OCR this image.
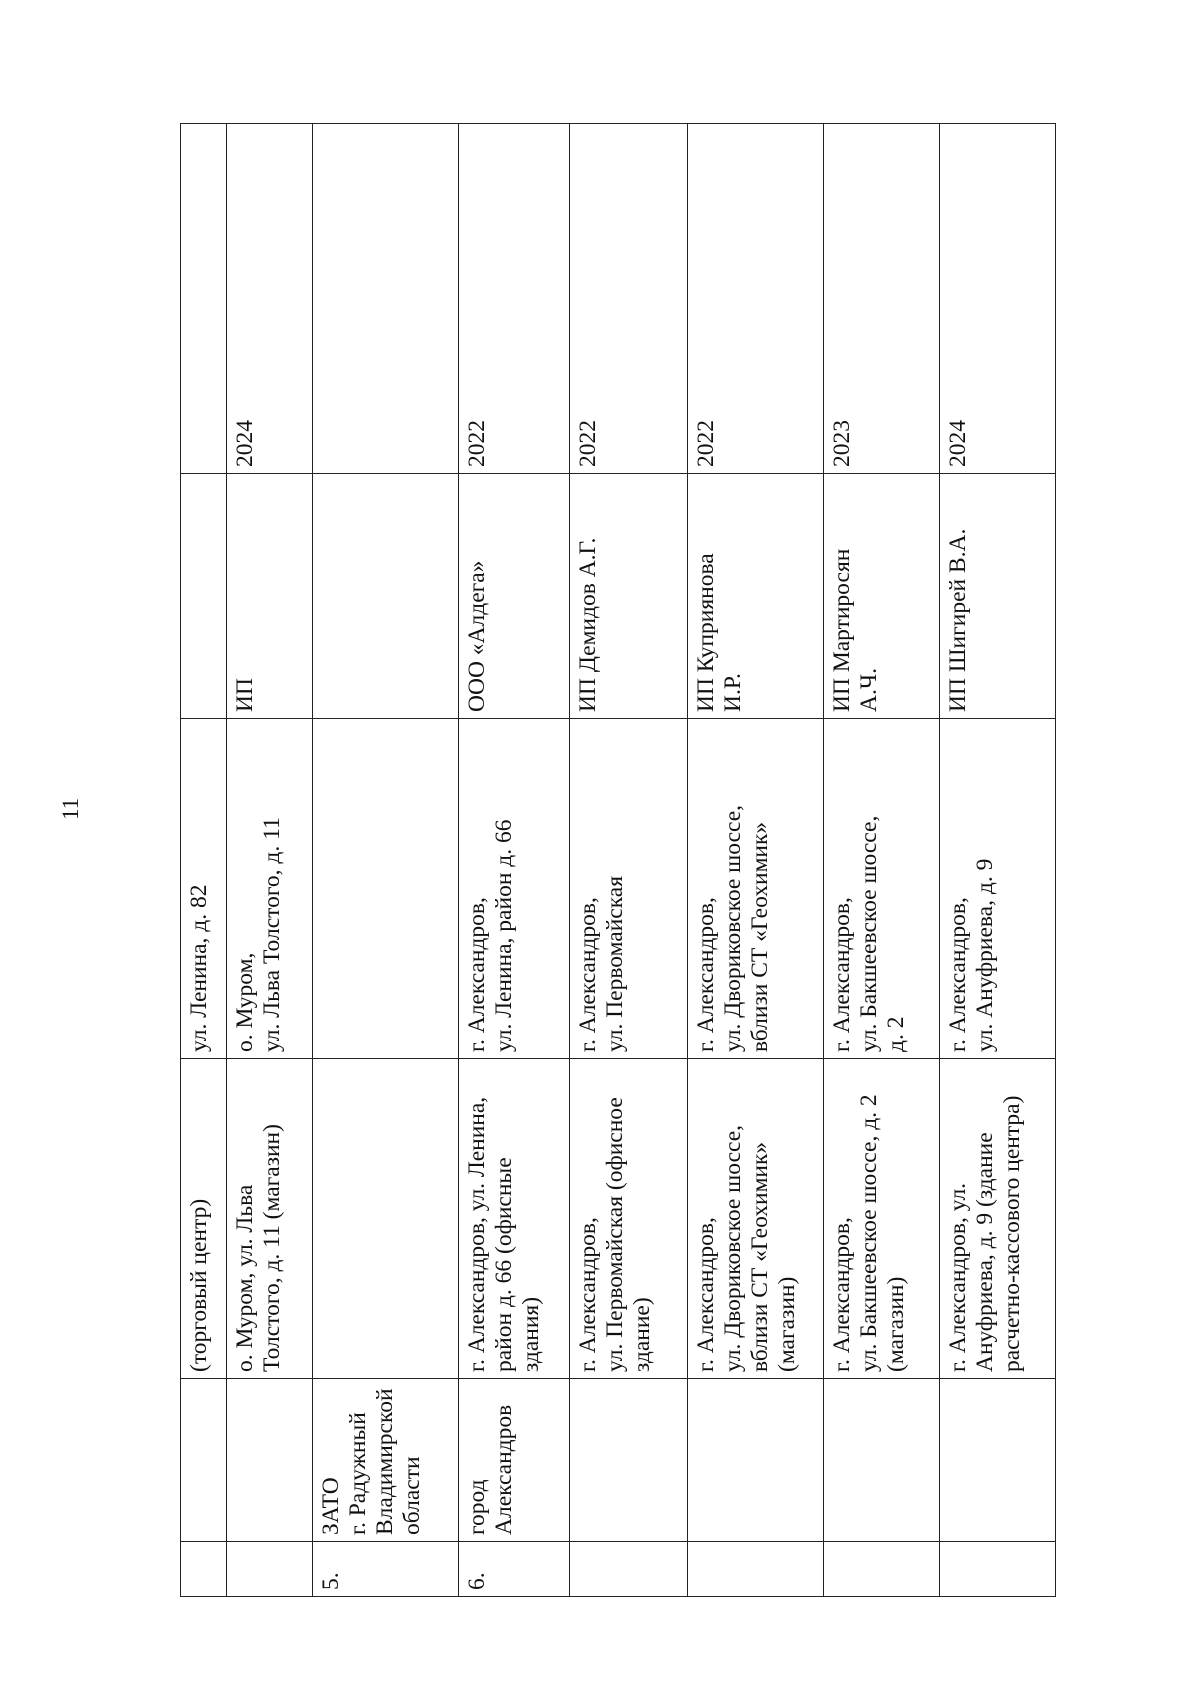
11

		(торговый центр)	ул. Ленина, д. 82		

		о. Муром, ул. Льва Толстого, д. 11 (магазин)	о. Муром, ул. Льва Толстого, д. 11	ИП	2024

5.	ЗАТО г. Радужный Владимирской области				

6.	город Александров	г. Александров, ул. Ленина, район д. 66 (офисные здания)	г. Александров, ул. Ленина, район д. 66	ООО «Алдега»	2022

		г. Александров, ул. Первомайская (офисное здание)	г. Александров, ул. Первомайская	ИП Демидов А.Г.	2022

		г. Александров, ул. Двориковское шоссе, вблизи СТ «Геохимик» (магазин)	г. Александров, ул. Двориковское шоссе, вблизи СТ «Геохимик»	ИП Куприянова И.Р.	2022

		г. Александров, ул. Бакшеевское шоссе, д. 2 (магазин)	г. Александров, ул. Бакшеевское шоссе, д. 2	ИП Мартиросян А.Ч.	2023

		г. Александров, ул. Ануфриева, д. 9 (здание расчетно-кассового центра)	г. Александров, ул. Ануфриева, д. 9	ИП Шигирей В.А.	2024
